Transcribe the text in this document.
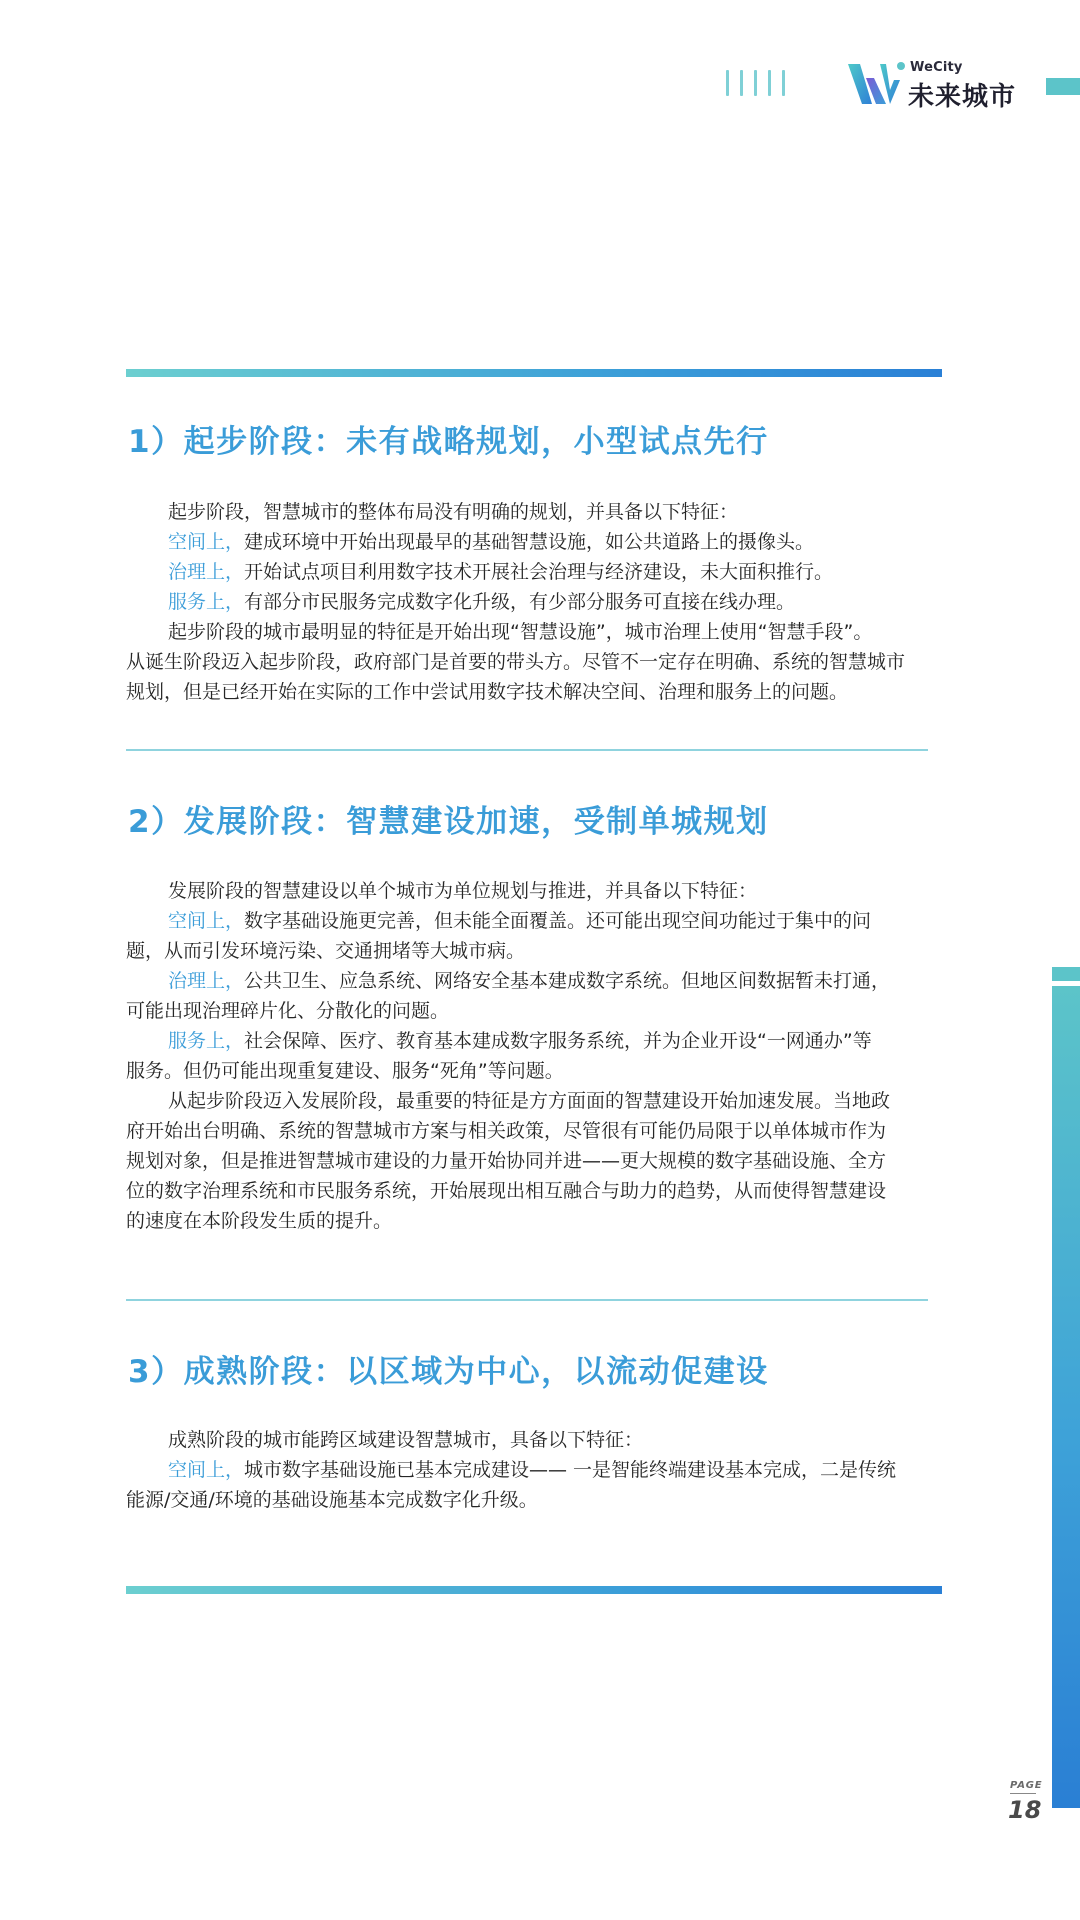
WeCity
未来城市
1）起步阶段：未有战略规划，小型试点先行
起步阶段，智慧城市的整体布局没有明确的规划，并具备以下特征：
空间上，建成环境中开始出现最早的基础智慧设施，如公共道路上的摄像头。
治理上，开始试点项目利用数字技术开展社会治理与经济建设，未大面积推行。
服务上，有部分市民服务完成数字化升级，有少部分服务可直接在线办理。
起步阶段的城市最明显的特征是开始出现“智慧设施”，城市治理上使用“智慧手段”。
从诞生阶段迈入起步阶段，政府部门是首要的带头方。尽管不一定存在明确、系统的智慧城市
规划，但是已经开始在实际的工作中尝试用数字技术解决空间、治理和服务上的问题。
2）发展阶段：智慧建设加速，受制单城规划
发展阶段的智慧建设以单个城市为单位规划与推进，并具备以下特征：
空间上，数字基础设施更完善，但未能全面覆盖。还可能出现空间功能过于集中的问
题，从而引发环境污染、交通拥堵等大城市病。
治理上，公共卫生、应急系统、网络安全基本建成数字系统。但地区间数据暂未打通，
可能出现治理碎片化、分散化的问题。
服务上，社会保障、医疗、教育基本建成数字服务系统，并为企业开设“一网通办”等
服务。但仍可能出现重复建设、服务“死角”等问题。
从起步阶段迈入发展阶段，最重要的特征是方方面面的智慧建设开始加速发展。当地政
府开始出台明确、系统的智慧城市方案与相关政策，尽管很有可能仍局限于以单体城市作为
规划对象，但是推进智慧城市建设的力量开始协同并进——更大规模的数字基础设施、全方
位的数字治理系统和市民服务系统，开始展现出相互融合与助力的趋势，从而使得智慧建设
的速度在本阶段发生质的提升。
3）成熟阶段：以区域为中心，以流动促建设
成熟阶段的城市能跨区域建设智慧城市，具备以下特征：
空间上，城市数字基础设施已基本完成建设—— 一是智能终端建设基本完成，二是传统
能源/交通/环境的基础设施基本完成数字化升级。
PAGE
18
